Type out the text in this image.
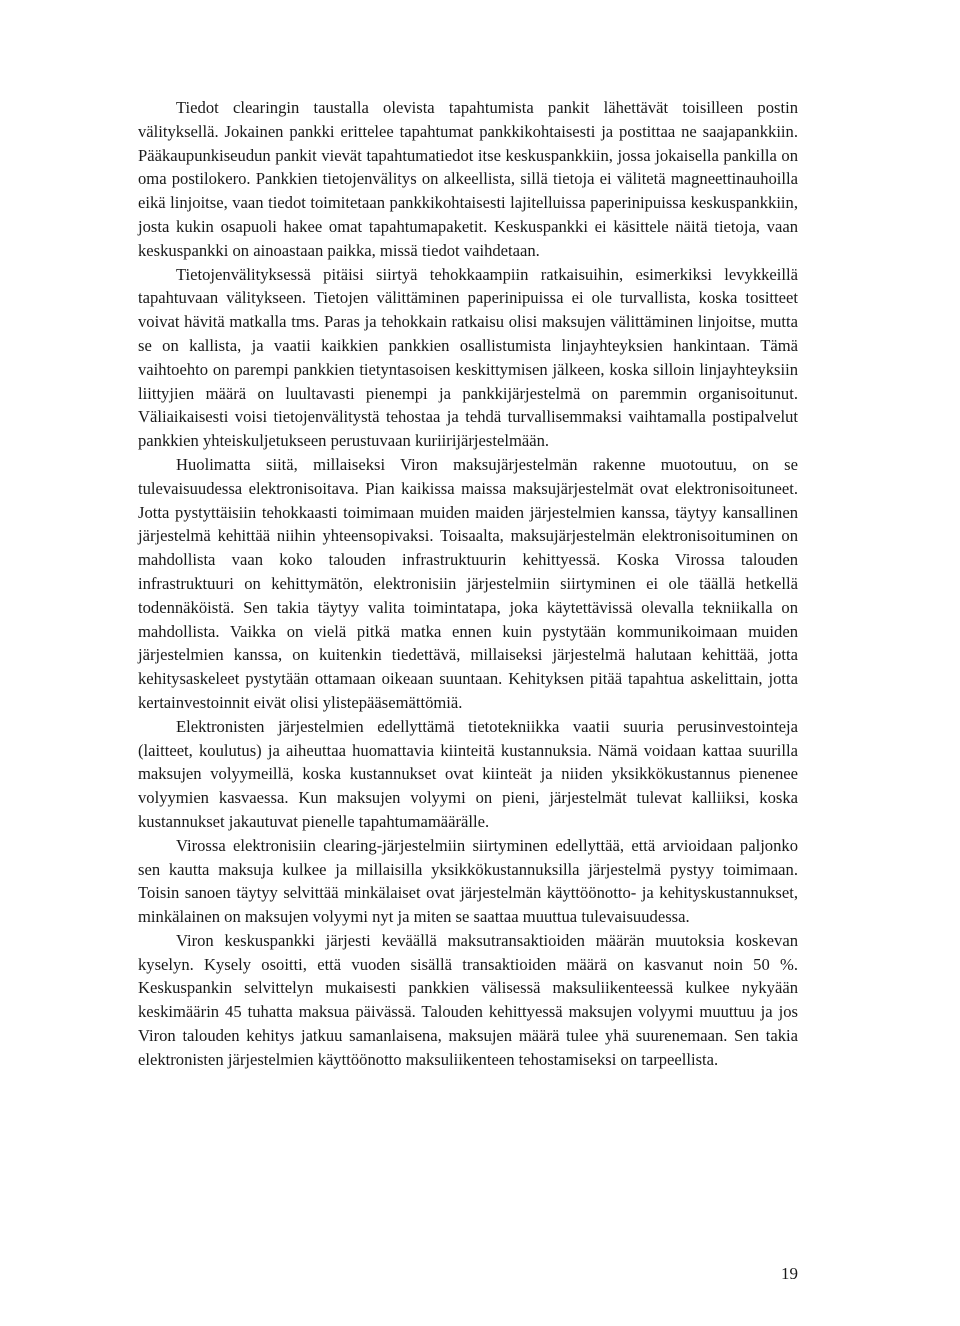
Tiedot clearingin taustalla olevista tapahtumista pankit lähettävät toisilleen postin välityksellä. Jokainen pankki erittelee tapahtumat pankkikohtaisesti ja postittaa ne saajapankkiin. Pääkaupunkiseudun pankit vievät tapahtumatiedot itse keskuspankkiin, jossa jokaisella pankilla on oma postilokero. Pankkien tietojenvälitys on alkeellista, sillä tietoja ei välitetä magneettinauhoilla eikä linjoitse, vaan tiedot toimitetaan pankkikohtaisesti lajitelluissa paperinipuissa keskuspankkiin, josta kukin osapuoli hakee omat tapahtumapaketit. Keskuspankki ei käsittele näitä tietoja, vaan keskuspankki on ainoastaan paikka, missä tiedot vaihdetaan.

Tietojenvälityksessä pitäisi siirtyä tehokkaampiin ratkaisuihin, esimerkiksi levykkeillä tapahtuvaan välitykseen. Tietojen välittäminen paperinipuissa ei ole turvallista, koska tositteet voivat hävitä matkalla tms. Paras ja tehokkain ratkaisu olisi maksujen välittäminen linjoitse, mutta se on kallista, ja vaatii kaikkien pankkien osallistumista linjayhteyksien hankintaan. Tämä vaihtoehto on parempi pankkien tietyntasoisen keskittymisen jälkeen, koska silloin linjayhteyksiin liittyjien määrä on luultavasti pienempi ja pankkijärjestelmä on paremmin organisoitunut. Väliaikaisesti voisi tietojenvälitystä tehostaa ja tehdä turvallisemmaksi vaihtamalla postipalvelut pankkien yhteiskuljetukseen perustuvaan kuriirijärjestelmään.

Huolimatta siitä, millaiseksi Viron maksujärjestelmän rakenne muotoutuu, on se tulevaisuudessa elektronisoitava. Pian kaikissa maissa maksujärjestelmät ovat elektronisoituneet. Jotta pystyttäisiin tehokkaasti toimimaan muiden maiden järjestelmien kanssa, täytyy kansallinen järjestelmä kehittää niihin yhteensopivaksi. Toisaalta, maksujärjestelmän elektronisoituminen on mahdollista vaan koko talouden infrastruktuurin kehittyessä. Koska Virossa talouden infrastruktuuri on kehittymätön, elektronisiin järjestelmiin siirtyminen ei ole täällä hetkellä todennäköistä. Sen takia täytyy valita toimintatapa, joka käytettävissä olevalla tekniikalla on mahdollista. Vaikka on vielä pitkä matka ennen kuin pystytään kommunikoimaan muiden järjestelmien kanssa, on kuitenkin tiedettävä, millaiseksi järjestelmä halutaan kehittää, jotta kehitysaskeleet pystytään ottamaan oikeaan suuntaan. Kehityksen pitää tapahtua askelittain, jotta kertainvestoinnit eivät olisi ylistepääsemättömiä.

Elektronisten järjestelmien edellyttämä tietotekniikka vaatii suuria perusinvestointeja (laitteet, koulutus) ja aiheuttaa huomattavia kiinteitä kustannuksia. Nämä voidaan kattaa suurilla maksujen volyymeillä, koska kustannukset ovat kiinteät ja niiden yksikkökustannus pienenee volyymien kasvaessa. Kun maksujen volyymi on pieni, järjestelmät tulevat kalliiksi, koska kustannukset jakautuvat pienelle tapahtumamäärälle.

Virossa elektronisiin clearing-järjestelmiin siirtyminen edellyttää, että arvioidaan paljonko sen kautta maksuja kulkee ja millaisilla yksikkökustannuksilla järjestelmä pystyy toimimaan. Toisin sanoen täytyy selvittää minkälaiset ovat järjestelmän käyttöönotto- ja kehityskustannukset, minkälainen on maksujen volyymi nyt ja miten se saattaa muuttua tulevaisuudessa.

Viron keskuspankki järjesti keväällä maksutransaktioiden määrän muutoksia koskevan kyselyn. Kysely osoitti, että vuoden sisällä transaktioiden määrä on kasvanut noin 50 %. Keskuspankin selvittelyn mukaisesti pankkien välisessä maksuliikenteessä kulkee nykyään keskimäärin 45 tuhatta maksua päivässä. Talouden kehittyessä maksujen volyymi muuttuu ja jos Viron talouden kehitys jatkuu samanlaisena, maksujen määrä tulee yhä suurenemaan. Sen takia elektronisten järjestelmien käyttöönotto maksuliikenteen tehostamiseksi on tarpeellista.

19
